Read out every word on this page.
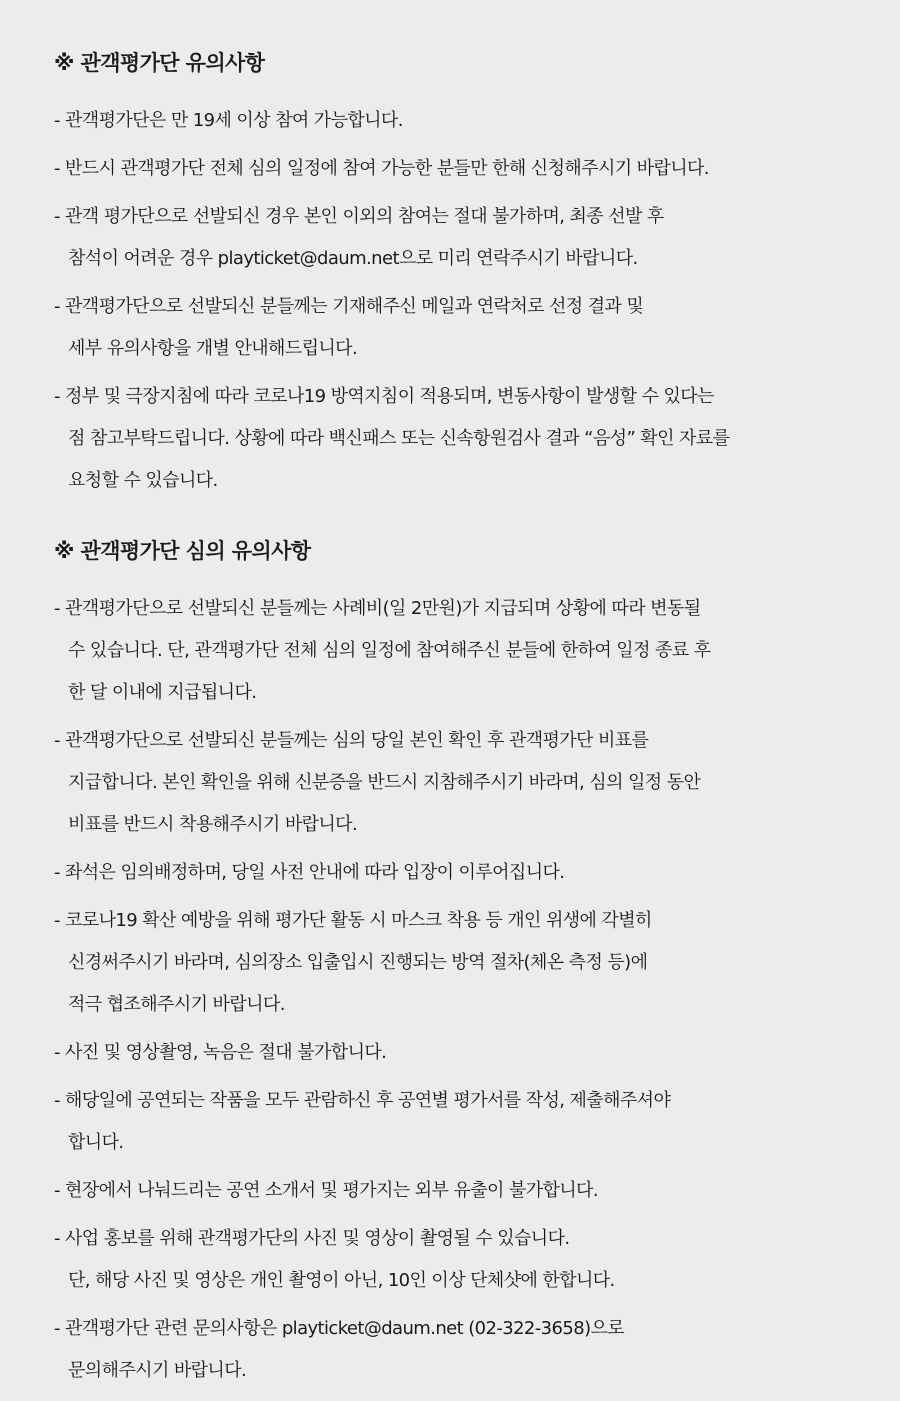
※ 관객평가단 유의사항
- 관객평가단은 만 19세 이상 참여 가능합니다.
- 반드시 관객평가단 전체 심의 일정에 참여 가능한 분들만 한해 신청해주시기 바랍니다.
- 관객 평가단으로 선발되신 경우 본인 이외의 참여는 절대 불가하며, 최종 선발 후
참석이 어려운 경우 playticket@daum.net으로 미리 연락주시기 바랍니다.
- 관객평가단으로 선발되신 분들께는 기재해주신 메일과 연락처로 선정 결과 및
세부 유의사항을 개별 안내해드립니다.
- 정부 및 극장지침에 따라 코로나19 방역지침이 적용되며, 변동사항이 발생할 수 있다는
점 참고부탁드립니다. 상황에 따라 백신패스 또는 신속항원검사 결과 “음성” 확인 자료를
요청할 수 있습니다.
※ 관객평가단 심의 유의사항
- 관객평가단으로 선발되신 분들께는 사례비(일 2만원)가 지급되며 상황에 따라 변동될
수 있습니다. 단, 관객평가단 전체 심의 일정에 참여해주신 분들에 한하여 일정 종료 후
한 달 이내에 지급됩니다.
- 관객평가단으로 선발되신 분들께는 심의 당일 본인 확인 후 관객평가단 비표를
지급합니다. 본인 확인을 위해 신분증을 반드시 지참해주시기 바라며, 심의 일정 동안
비표를 반드시 착용해주시기 바랍니다.
- 좌석은 임의배정하며, 당일 사전 안내에 따라 입장이 이루어집니다.
- 코로나19 확산 예방을 위해 평가단 활동 시 마스크 착용 등 개인 위생에 각별히
신경써주시기 바라며, 심의장소 입출입시 진행되는 방역 절차(체온 측정 등)에
적극 협조해주시기 바랍니다.
- 사진 및 영상촬영, 녹음은 절대 불가합니다.
- 해당일에 공연되는 작품을 모두 관람하신 후 공연별 평가서를 작성, 제출해주셔야
합니다.
- 현장에서 나눠드리는 공연 소개서 및 평가지는 외부 유출이 불가합니다.
- 사업 홍보를 위해 관객평가단의 사진 및 영상이 촬영될 수 있습니다.
단, 해당 사진 및 영상은 개인 촬영이 아닌, 10인 이상 단체샷에 한합니다.
- 관객평가단 관련 문의사항은 playticket@daum.net (02-322-3658)으로
문의해주시기 바랍니다.
